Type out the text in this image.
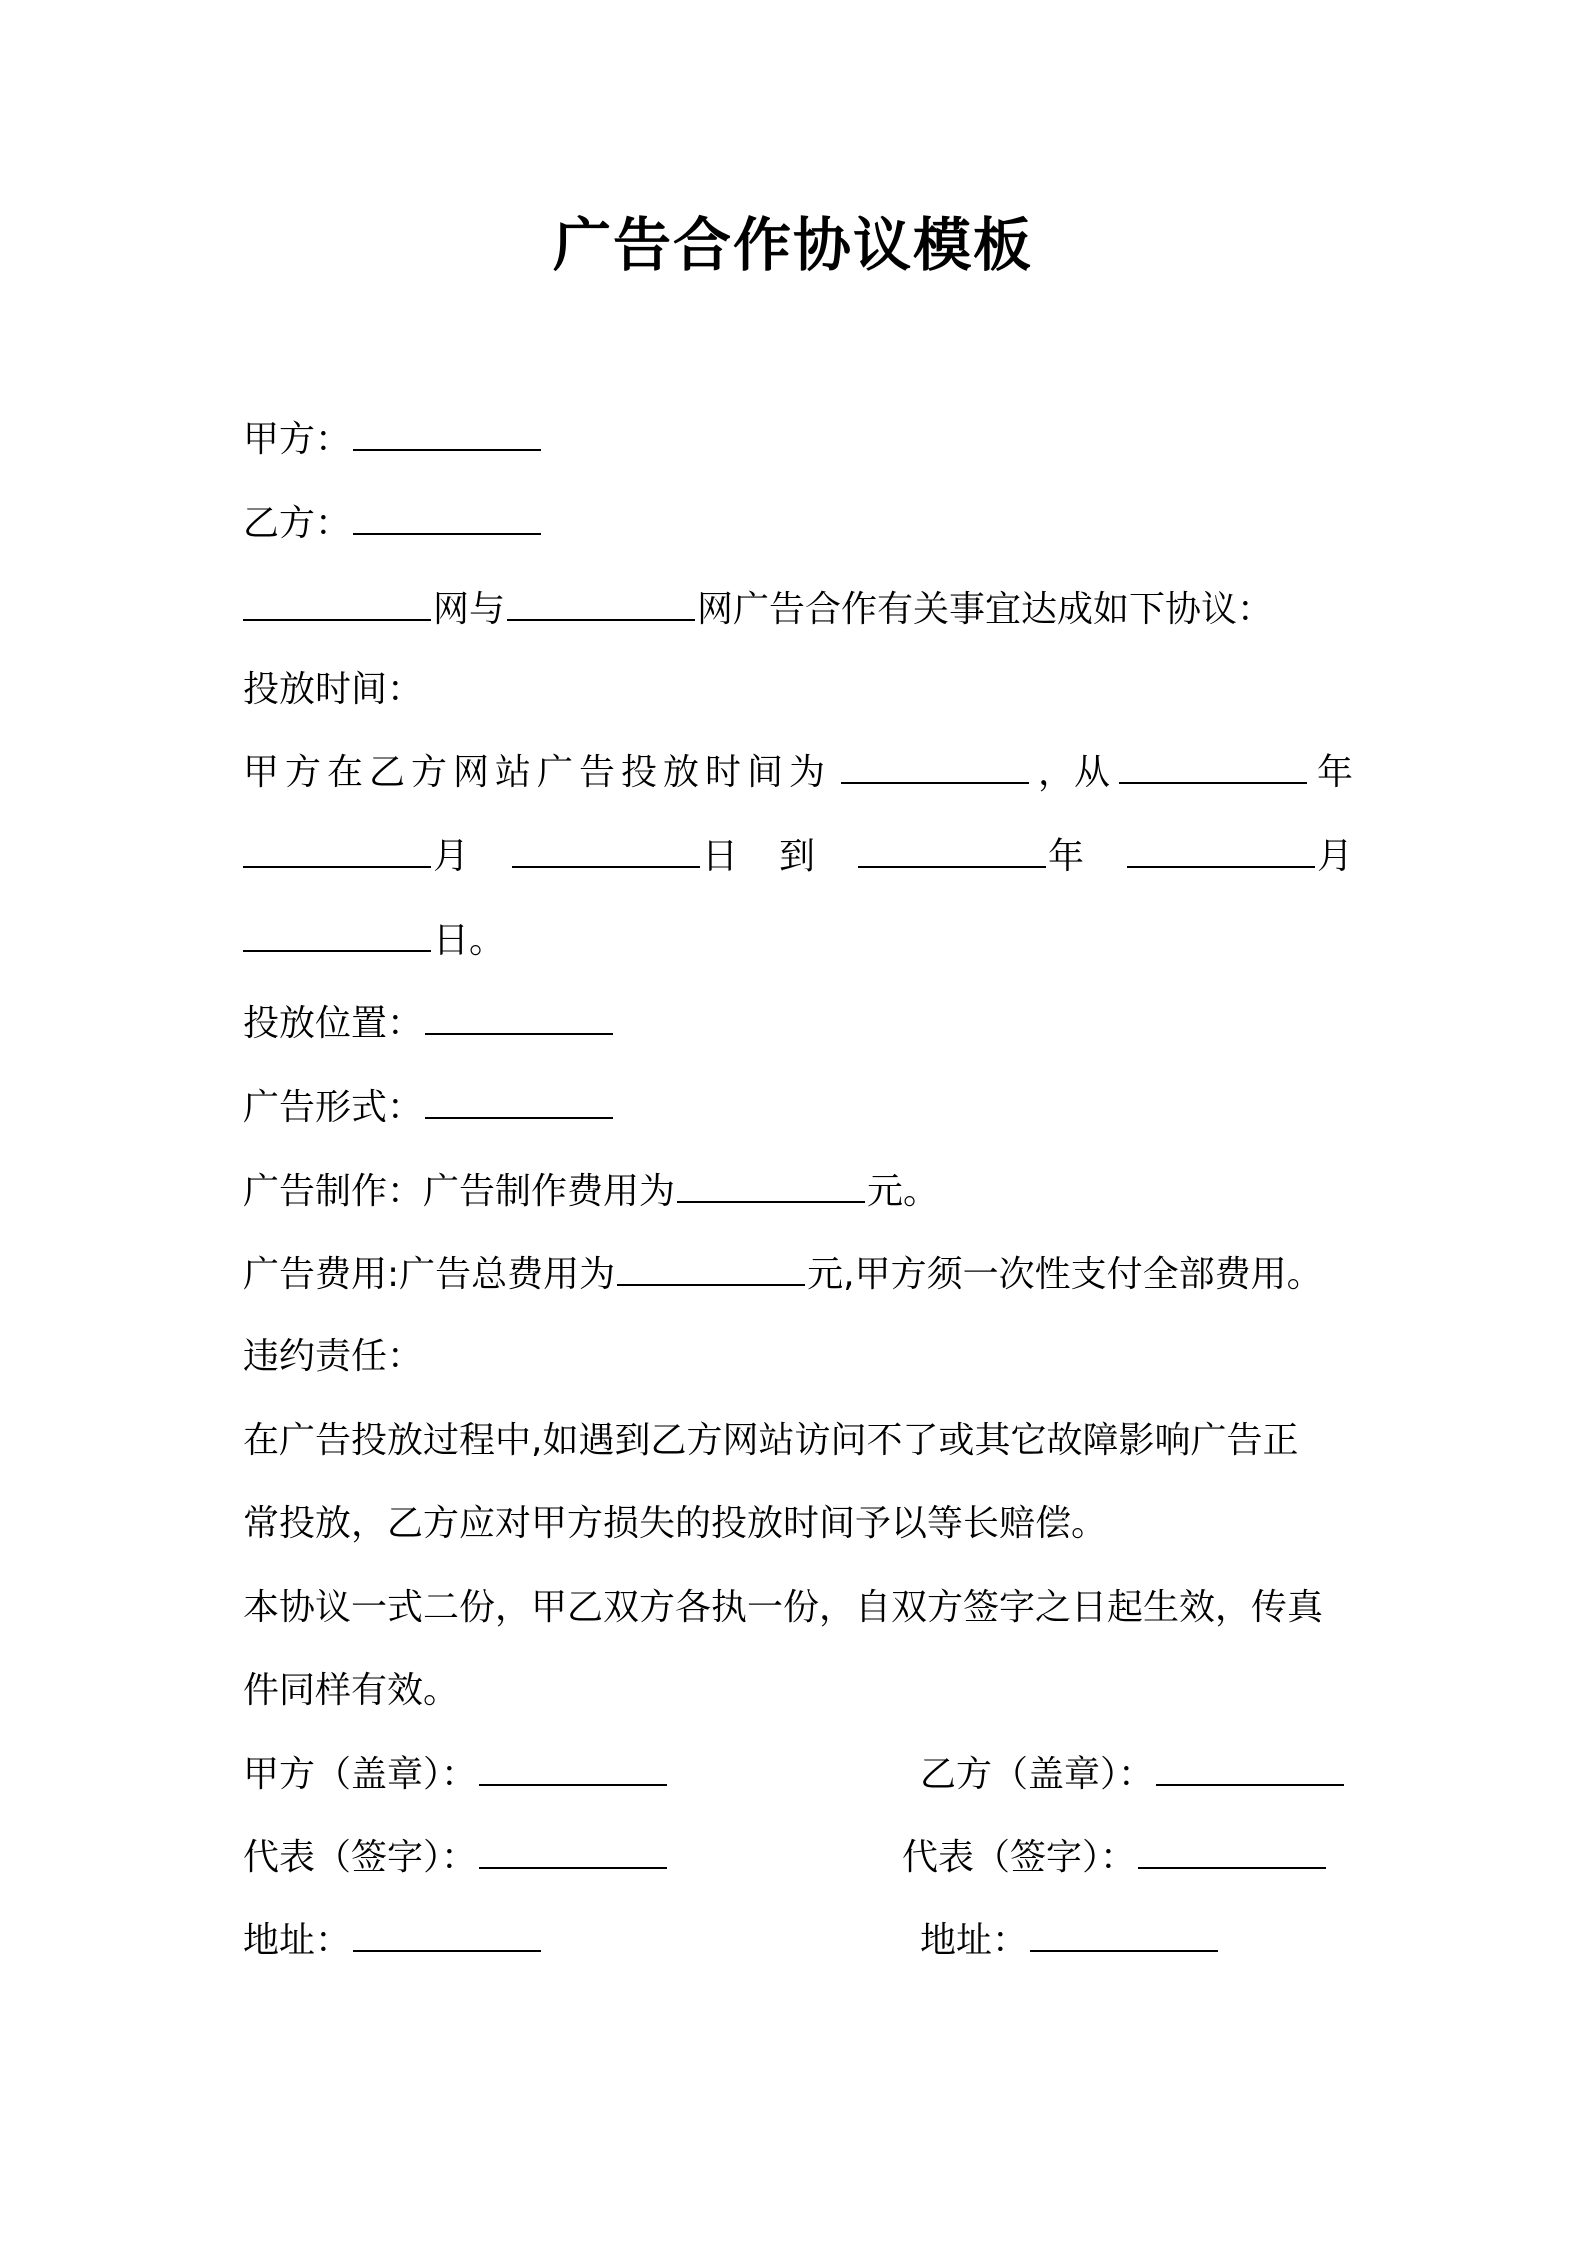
广告合作协议模板
甲方：
乙方：
网与	网广告合作有关事宜达成如下协议：
投放时间：
甲方在乙方网站广告投放时间为	，从	年
月	日 到	年	月
日。
投放位置：
广告形式：
广告制作：广告制作费用为	元。
广告费用:广告总费用为	元,甲方须一次性支付全部费用。
违约责任：
在广告投放过程中,如遇到乙方网站访问不了或其它故障影响广告正
常投放，乙方应对甲方损失的投放时间予以等长赔偿。
本协议一式二份，甲乙双方各执一份，自双方签字之日起生效，传真
件同样有效。
甲方（盖章）：	乙方（盖章）：
代表（签字）：	代表（签字）：
地址：	地址：
